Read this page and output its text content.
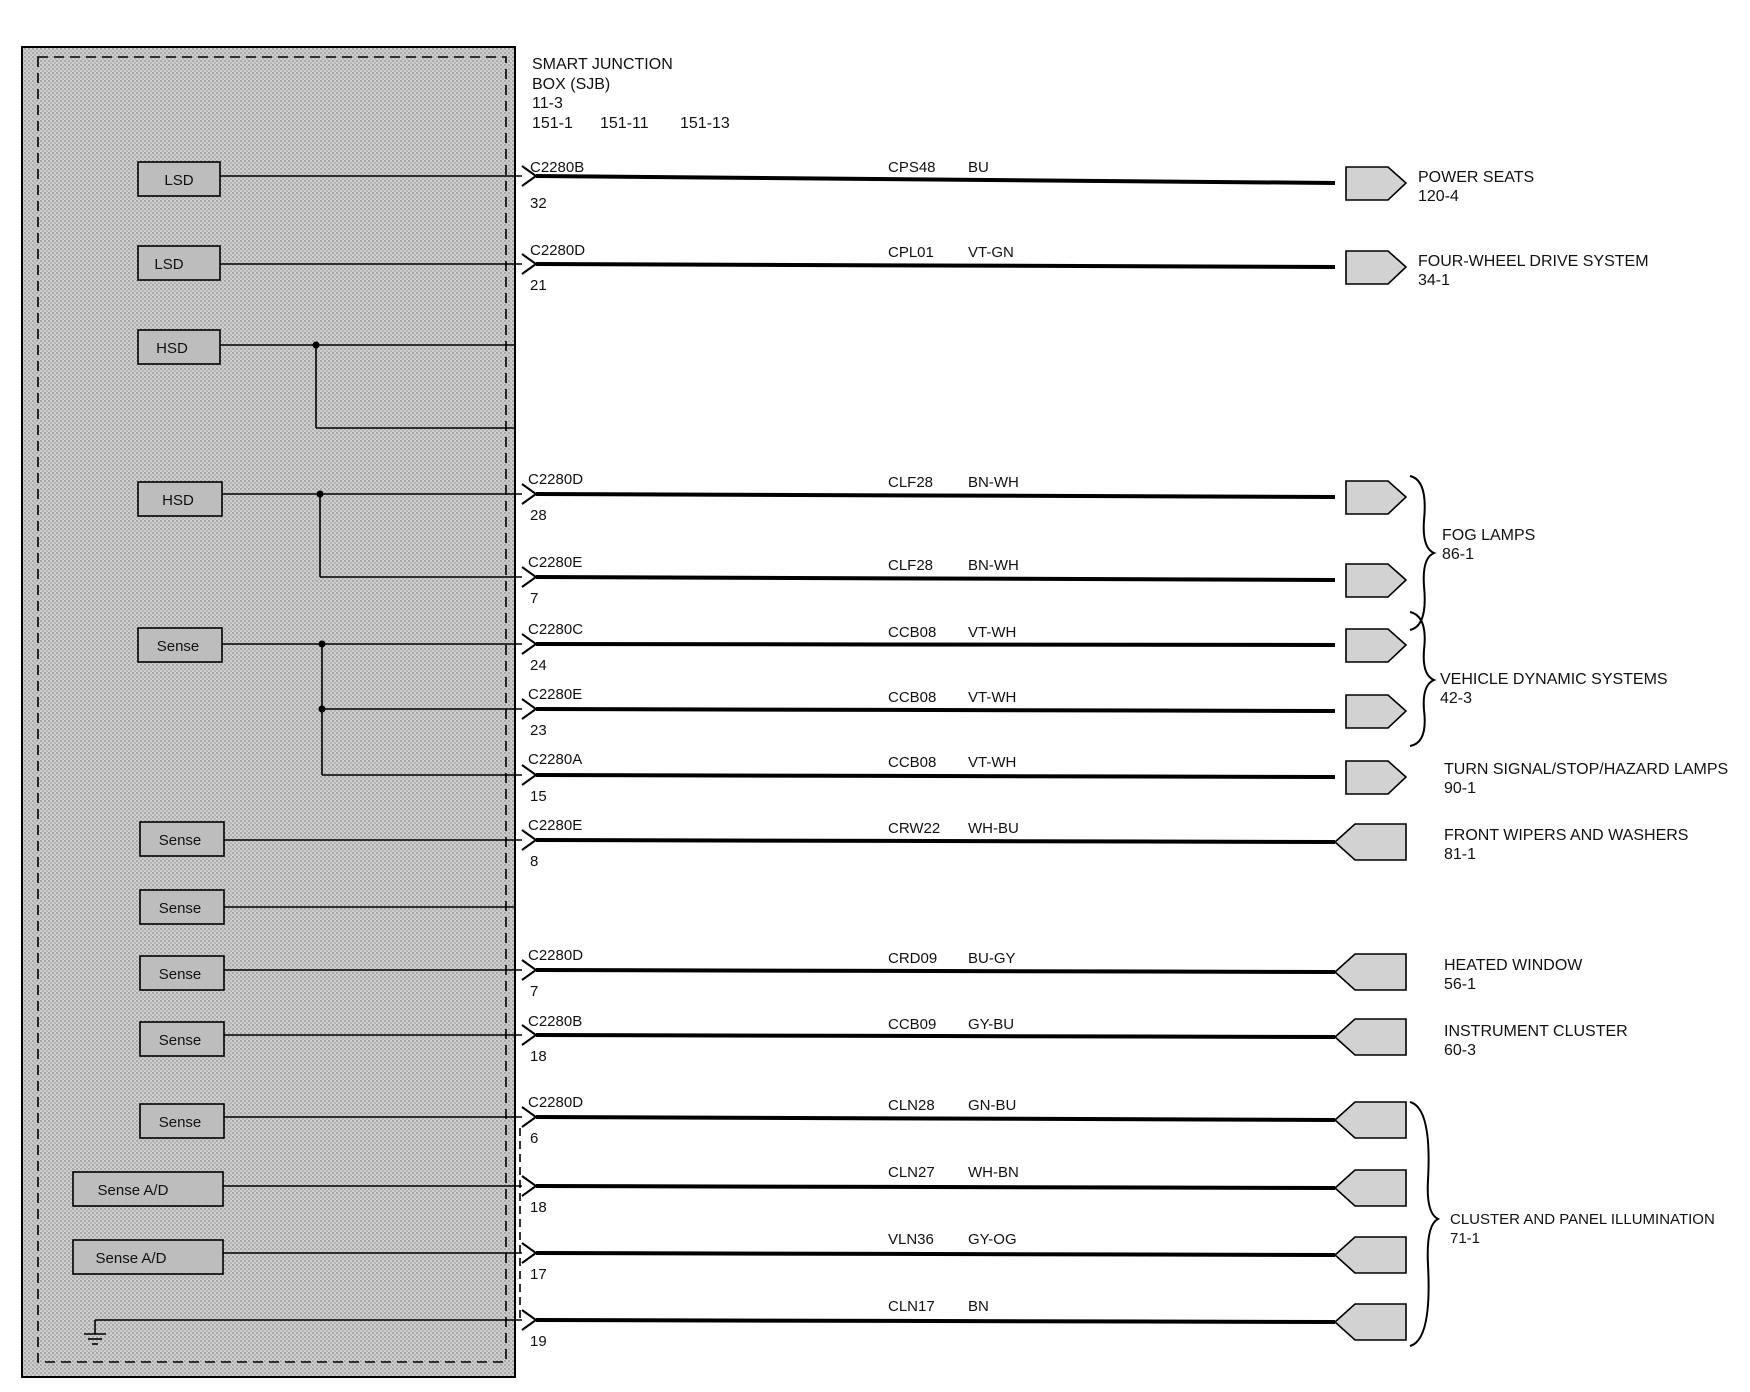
SMART JUNCTION
BOX (SJB)
11-3
151-1 151-11 151-13
LSD
LSD
HSD
HSD
Sense
Sense
Sense
Sense
Sense
Sense
Sense A/D
Sense A/D
C2280B
32
C2280D
21
C2280D
28
C2280E
7
C2280C
24
C2280E
23
C2280A
15
C2280E
8
C2280D
7
C2280B
18
C2280D
6
18
17
19
CPS48 BU
CPL01 VT-GN
CLF28 BN-WH
CLF28 BN-WH
CCB08 VT-WH
CCB08 VT-WH
CCB08 VT-WH
CRW22 WH-BU
CRD09 BU-GY
CCB09 GY-BU
CLN28 GN-BU
CLN27 WH-BN
VLN36 GY-OG
CLN17 BN
POWER SEATS
120-4
FOUR-WHEEL DRIVE SYSTEM
34-1
FOG LAMPS
86-1
VEHICLE DYNAMIC SYSTEMS
42-3
TURN SIGNAL/STOP/HAZARD LAMPS
90-1
FRONT WIPERS AND WASHERS
81-1
HEATED WINDOW
56-1
INSTRUMENT CLUSTER
60-3
CLUSTER AND PANEL ILLUMINATION
71-1
